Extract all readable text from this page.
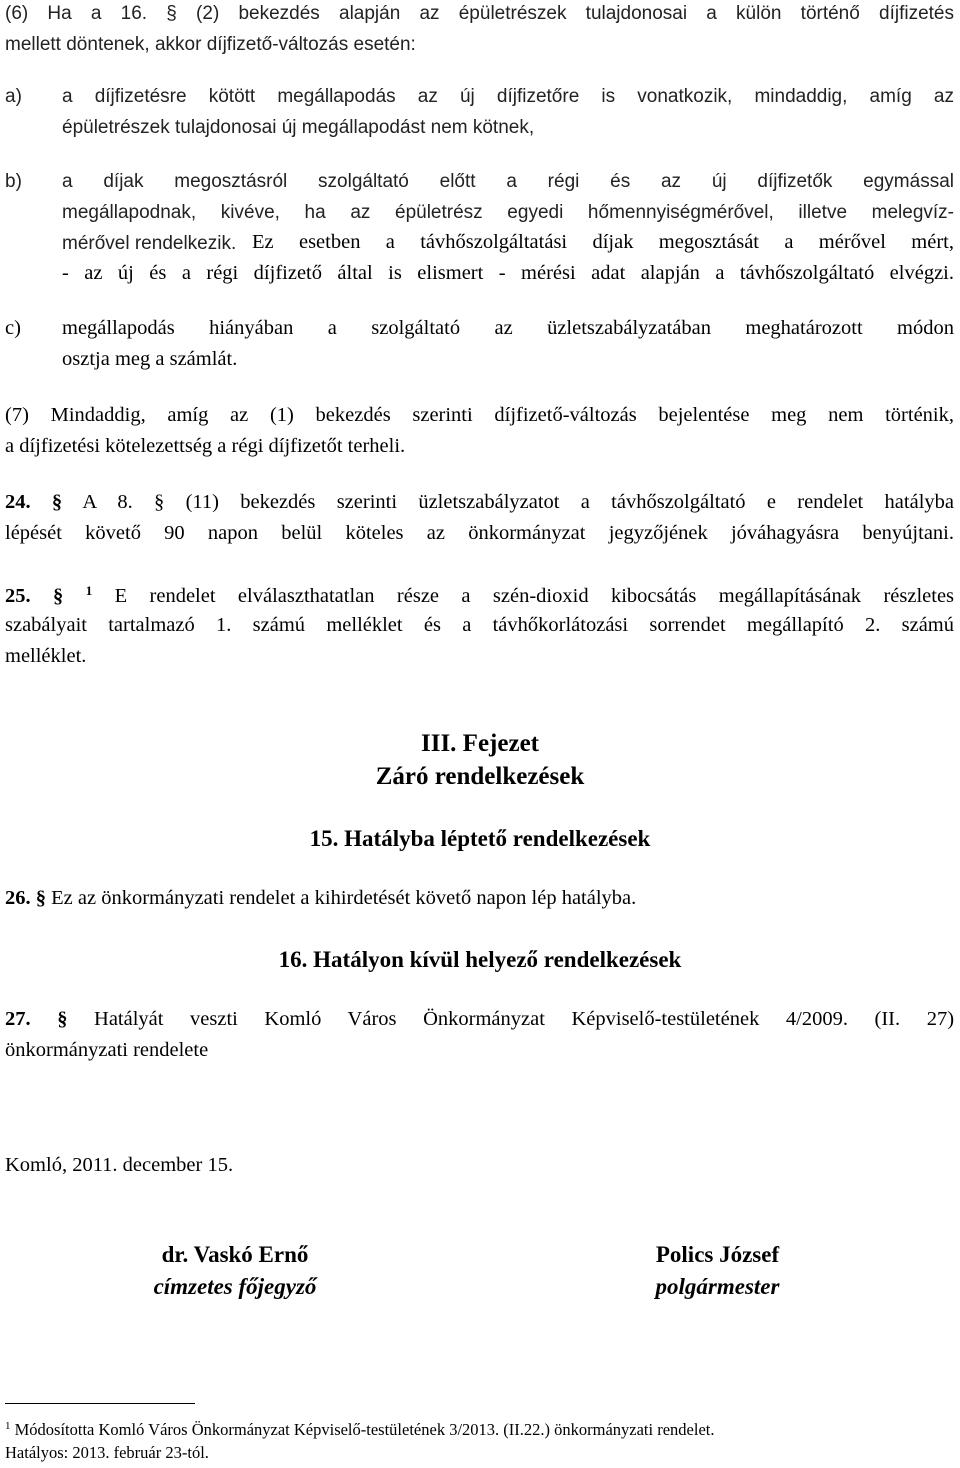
(6) Ha a 16. § (2) bekezdés alapján az épületrészek tulajdonosai a külön történő díjfizetés
mellett döntenek, akkor díjfizető-változás esetén:
a)	a díjfizetésre kötött megállapodás az új díjfizetőre is vonatkozik, mindaddig, amíg az
épületrészek tulajdonosai új megállapodást nem kötnek,
b)	a díjak megosztásról szolgáltató előtt a régi és az új díjfizetők egymással
megállapodnak, kivéve, ha az épületrész egyedi hőmennyiségmérővel, illetve melegvíz-
mérővel rendelkezik. Ez esetben a távhőszolgáltatási díjak megosztását a mérővel mért,
- az új és a régi díjfizető által is elismert - mérési adat alapján a távhőszolgáltató elvégzi.
c)	megállapodás hiányában a szolgáltató az üzletszabályzatában meghatározott módon
osztja meg a számlát.
(7) Mindaddig, amíg az (1) bekezdés szerinti díjfizető-változás bejelentése meg nem történik,
a díjfizetési kötelezettség a régi díjfizetőt terheli.
24. § A 8. § (11) bekezdés szerinti üzletszabályzatot a távhőszolgáltató e rendelet hatályba
lépését követő 90 napon belül köteles az önkormányzat jegyzőjének jóváhagyásra benyújtani.
25. § $^1$ E rendelet elválaszthatatlan része a szén-dioxid kibocsátás megállapításának részletes
szabályait tartalmazó 1. számú melléklet és a távhőkorlátozási sorrendet megállapító 2. számú
melléklet.
III. Fejezet
Záró rendelkezések
15. Hatályba léptető rendelkezések
26. § Ez az önkormányzati rendelet a kihirdetését követő napon lép hatályba.
16. Hatályon kívül helyező rendelkezések
27. § Hatályát veszti Komló Város Önkormányzat Képviselő-testületének 4/2009. (II. 27)
önkormányzati rendelete
Komló, 2011. december 15.
dr. Vaskó Ernő
címzetes főjegyző
Polics József
polgármester
$^1$ Módosította Komló Város Önkormányzat Képviselő-testületének 3/2013. (II.22.) önkormányzati rendelet.
Hatályos: 2013. február 23-tól.
